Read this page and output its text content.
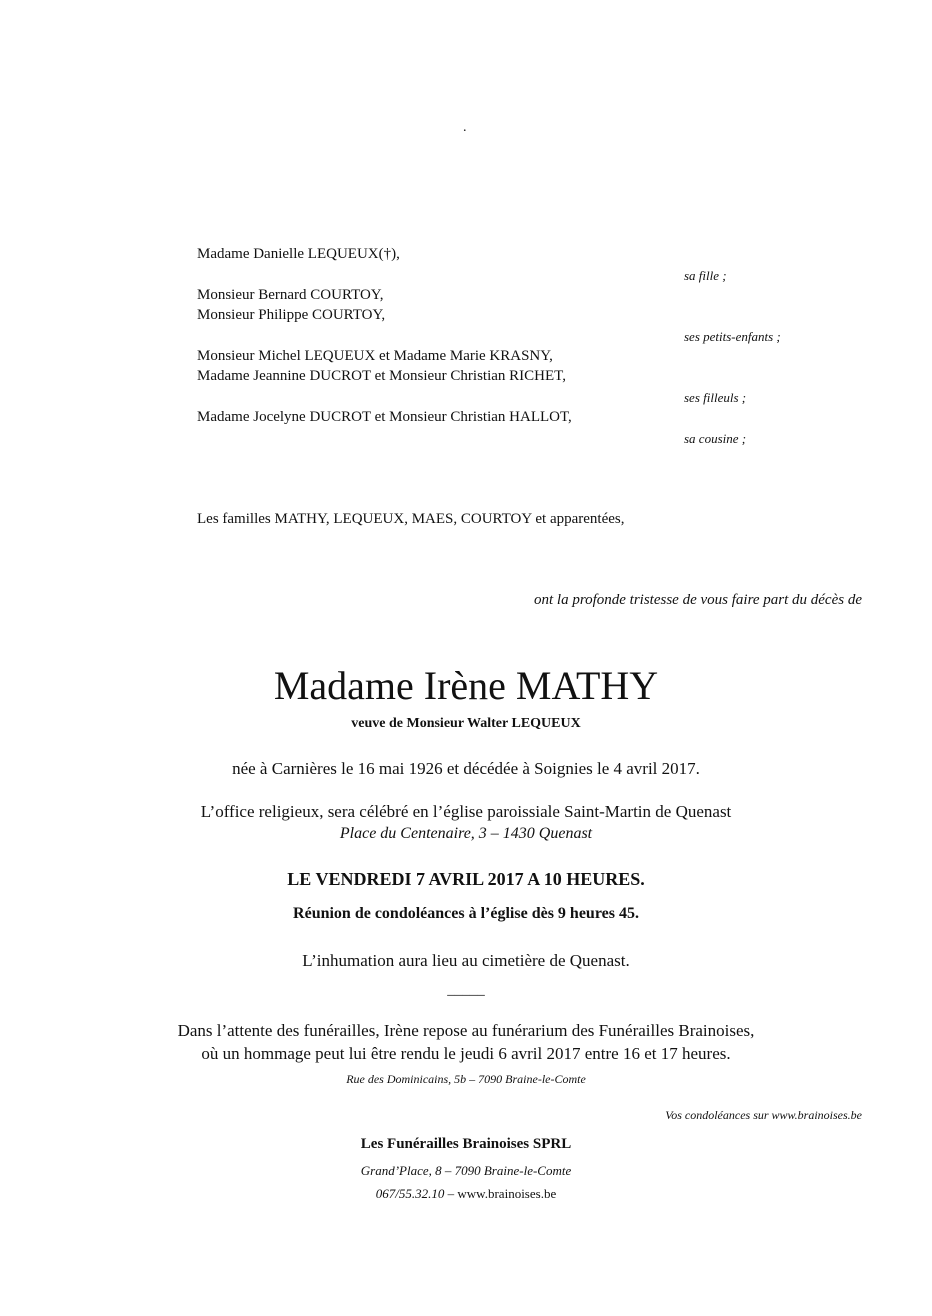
.
Madame Danielle LEQUEUX(†),
sa fille ;
Monsieur Bernard COURTOY,
Monsieur Philippe COURTOY,
ses petits-enfants ;
Monsieur Michel LEQUEUX et Madame Marie KRASNY,
Madame Jeannine DUCROT et Monsieur Christian RICHET,
ses filleuls ;
Madame Jocelyne DUCROT et Monsieur Christian HALLOT,
sa cousine ;
Les familles MATHY, LEQUEUX, MAES, COURTOY et apparentées,
ont la profonde tristesse de vous faire part du décès de
Madame Irène MATHY
veuve de Monsieur Walter LEQUEUX
née à Carnières le 16 mai 1926 et décédée à Soignies le 4 avril 2017.
L’office religieux, sera célébré en l’église paroissiale Saint-Martin de Quenast
Place du Centenaire, 3 – 1430 Quenast
LE VENDREDI 7 AVRIL 2017 A 10 HEURES.
Réunion de condoléances à l’église dès 9 heures 45.
L’inhumation aura lieu au cimetière de Quenast.
_____
Dans l’attente des funérailles, Irène repose au funérarium des Funérailles Brainoises,
où un hommage peut lui être rendu le jeudi 6 avril 2017 entre 16 et 17 heures.
Rue des Dominicains, 5b – 7090 Braine-le-Comte
Vos condoléances sur www.brainoises.be
Les Funérailles Brainoises SPRL
Grand’Place, 8 – 7090 Braine-le-Comte
067/55.32.10 – www.brainoises.be
